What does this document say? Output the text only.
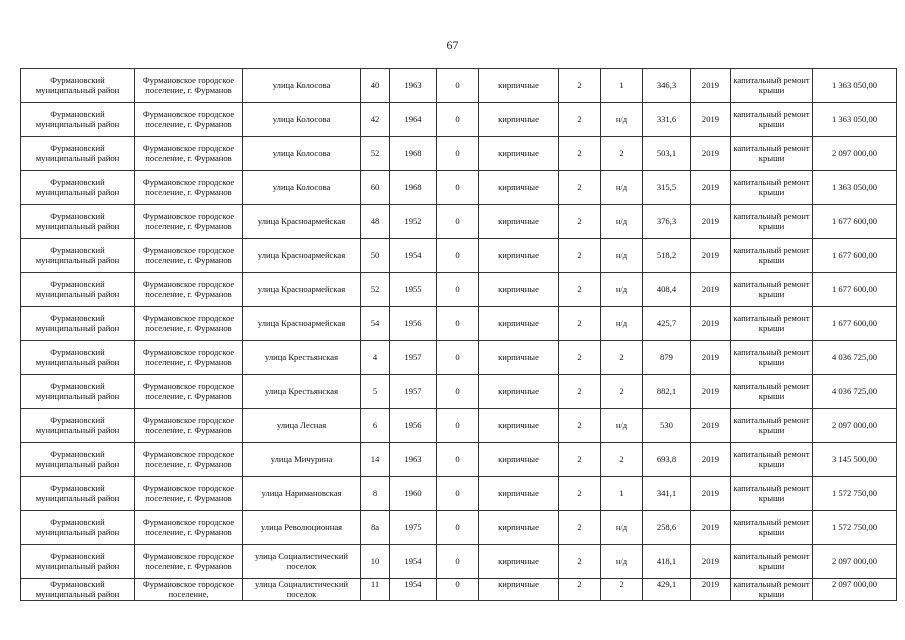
67
Фурмановский муниципальный район	Фурмановское городское поселение, г. Фурманов	улица Колосова	40	1963	0	кирпичные	2	1	346,3	2019	капитальный ремонт крыши	1 363 050,00
Фурмановский муниципальный район	Фурмановское городское поселение, г. Фурманов	улица Колосова	42	1964	0	кирпичные	2	н/д	331,6	2019	капитальный ремонт крыши	1 363 050,00
Фурмановский муниципальный район	Фурмановское городское поселение, г. Фурманов	улица Колосова	52	1968	0	кирпичные	2	2	503,1	2019	капитальный ремонт крыши	2 097 000,00
Фурмановский муниципальный район	Фурмановское городское поселение, г. Фурманов	улица Колосова	60	1968	0	кирпичные	2	н/д	315,5	2019	капитальный ремонт крыши	1 363 050,00
Фурмановский муниципальный район	Фурмановское городское поселение, г. Фурманов	улица Красноармейская	48	1952	0	кирпичные	2	н/д	376,3	2019	капитальный ремонт крыши	1 677 600,00
Фурмановский муниципальный район	Фурмановское городское поселение, г. Фурманов	улица Красноармейская	50	1954	0	кирпичные	2	н/д	518,2	2019	капитальный ремонт крыши	1 677 600,00
Фурмановский муниципальный район	Фурмановское городское поселение, г. Фурманов	улица Красноармейская	52	1955	0	кирпичные	2	н/д	408,4	2019	капитальный ремонт крыши	1 677 600,00
Фурмановский муниципальный район	Фурмановское городское поселение, г. Фурманов	улица Красноармейская	54	1956	0	кирпичные	2	н/д	425,7	2019	капитальный ремонт крыши	1 677 600,00
Фурмановский муниципальный район	Фурмановское городское поселение, г. Фурманов	улица Крестьянская	4	1957	0	кирпичные	2	2	879	2019	капитальный ремонт крыши	4 036 725,00
Фурмановский муниципальный район	Фурмановское городское поселение, г. Фурманов	улица Крестьянская	5	1957	0	кирпичные	2	2	882,1	2019	капитальный ремонт крыши	4 036 725,00
Фурмановский муниципальный район	Фурмановское городское поселение, г. Фурманов	улица Лесная	6	1956	0	кирпичные	2	н/д	530	2019	капитальный ремонт крыши	2 097 000,00
Фурмановский муниципальный район	Фурмановское городское поселение, г. Фурманов	улица Мичурина	14	1963	0	кирпичные	2	2	693,8	2019	капитальный ремонт крыши	3 145 500,00
Фурмановский муниципальный район	Фурмановское городское поселение, г. Фурманов	улица Наримановская	8	1960	0	кирпичные	2	1	341,1	2019	капитальный ремонт крыши	1 572 750,00
Фурмановский муниципальный район	Фурмановское городское поселение, г. Фурманов	улица Революционная	8а	1975	0	кирпичные	2	н/д	258,6	2019	капитальный ремонт крыши	1 572 750,00
Фурмановский муниципальный район	Фурмановское городское поселение, г. Фурманов	улица Социалистический поселок	10	1954	0	кирпичные	2	н/д	418,1	2019	капитальный ремонт крыши	2 097 000,00
Фурмановский муниципальный район	Фурмановское городское поселение,	улица Социалистический поселок	11	1954	0	кирпичные	2	2	429,1	2019	капитальный ремонт крыши	2 097 000,00
